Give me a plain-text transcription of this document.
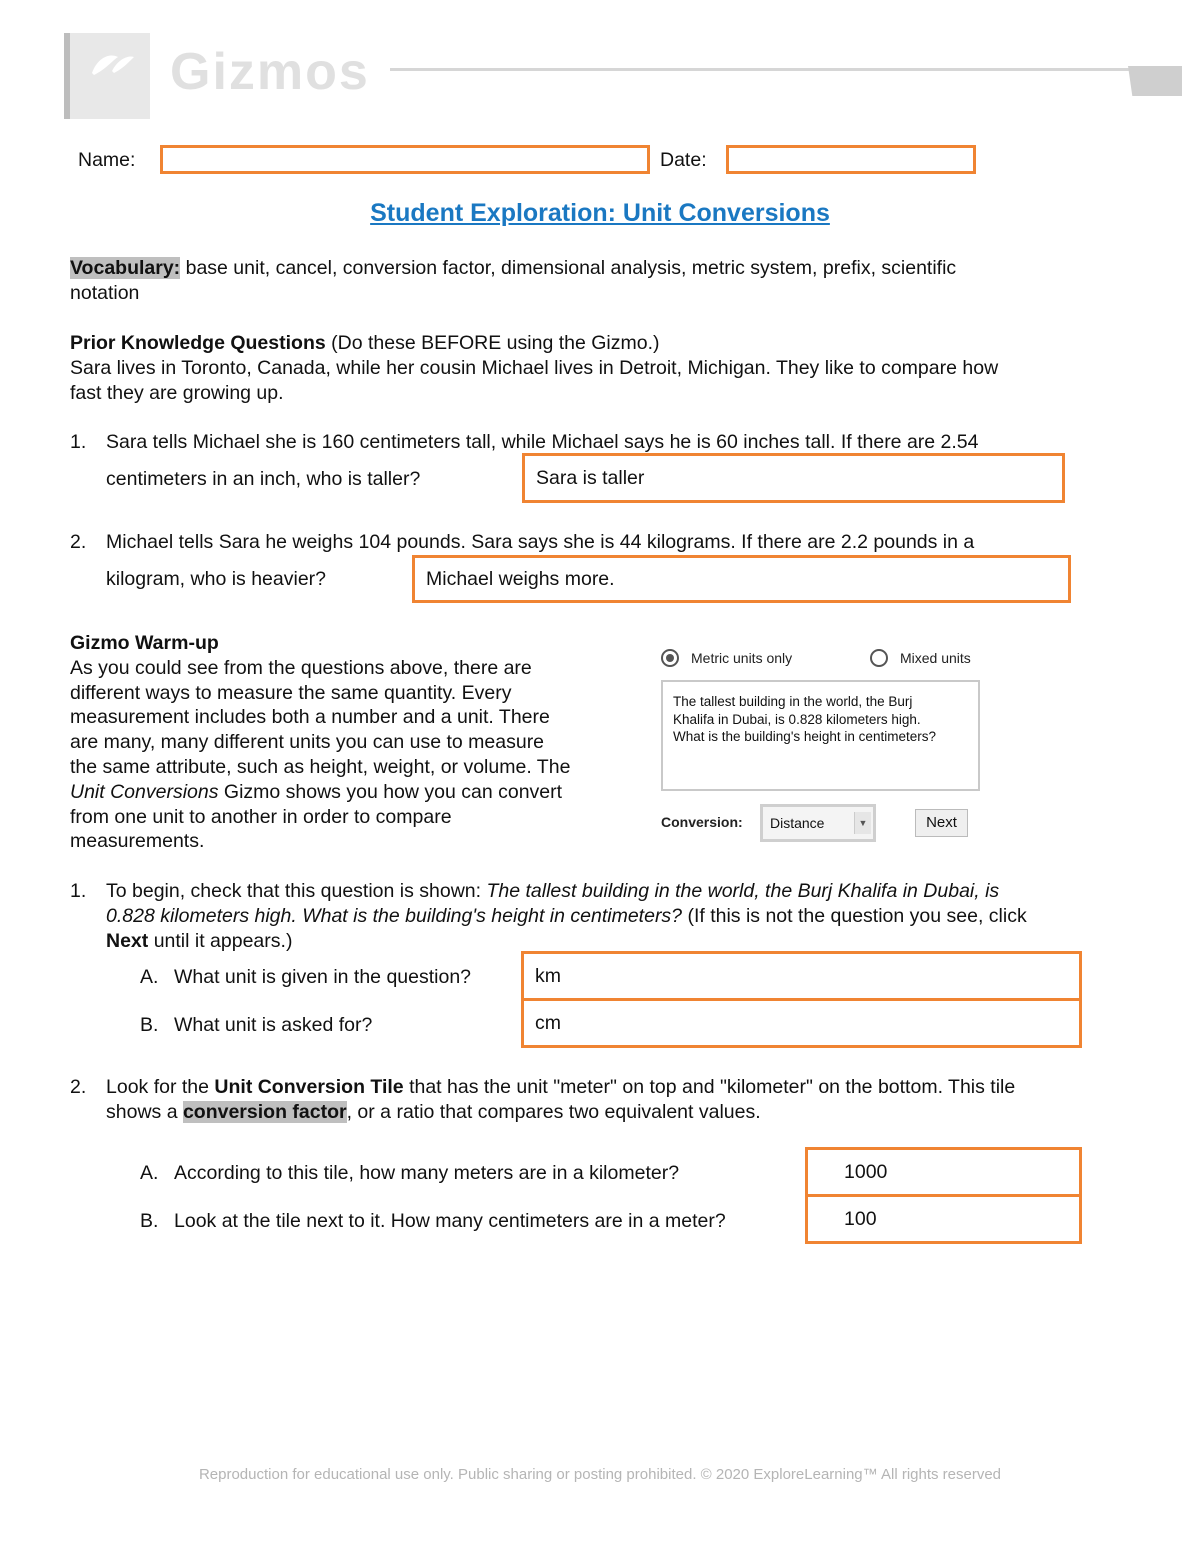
Gizmos
Name:	Date:
Student Exploration: Unit Conversions
Vocabulary: base unit, cancel, conversion factor, dimensional analysis, metric system, prefix, scientific
notation
Prior Knowledge Questions (Do these BEFORE using the Gizmo.)
Sara lives in Toronto, Canada, while her cousin Michael lives in Detroit, Michigan. They like to compare how
fast they are growing up.
1. Sara tells Michael she is 160 centimeters tall, while Michael says he is 60 inches tall. If there are 2.54
centimeters in an inch, who is taller?	Sara is taller
2. Michael tells Sara he weighs 104 pounds. Sara says she is 44 kilograms. If there are 2.2 pounds in a
kilogram, who is heavier?	Michael weighs more.
Gizmo Warm-up
As you could see from the questions above, there are
different ways to measure the same quantity. Every
measurement includes both a number and a unit. There
are many, many different units you can use to measure
the same attribute, such as height, weight, or volume. The
Unit Conversions Gizmo shows you how you can convert
from one unit to another in order to compare
measurements.
Metric units only	Mixed units
The tallest building in the world, the Burj
Khalifa in Dubai, is 0.828 kilometers high.
What is the building's height in centimeters?
Conversion:	Distance	▼	Next
1. To begin, check that this question is shown: The tallest building in the world, the Burj Khalifa in Dubai, is
0.828 kilometers high. What is the building's height in centimeters? (If this is not the question you see, click
Next until it appears.)
A. What unit is given in the question?	km
B. What unit is asked for?	cm
2. Look for the Unit Conversion Tile that has the unit "meter" on top and "kilometer" on the bottom. This tile
shows a conversion factor, or a ratio that compares two equivalent values.
A. According to this tile, how many meters are in a kilometer?	1000
B. Look at the tile next to it. How many centimeters are in a meter?	100
Reproduction for educational use only. Public sharing or posting prohibited. © 2020 ExploreLearning™ All rights reserved
